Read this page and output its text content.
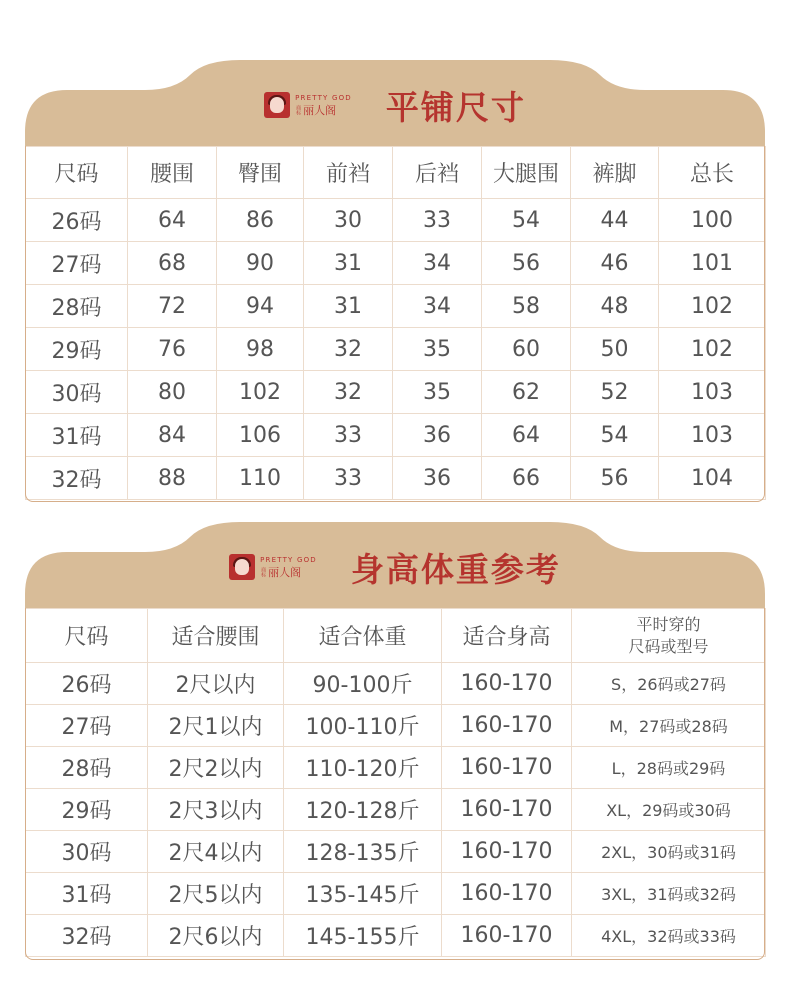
PRETTY GOD
商标 丽人阁 平铺尺寸
尺码	腰围	臀围	前裆	后裆	大腿围	裤脚	总长
26码	64	86	30	33	54	44	100
27码	68	90	31	34	56	46	101
28码	72	94	31	34	58	48	102
29码	76	98	32	35	60	50	102
30码	80	102	32	35	62	52	103
31码	84	106	33	36	64	54	103
32码	88	110	33	36	66	56	104
PRETTY GOD
商标 丽人阁 身高体重参考
尺码	适合腰围	适合体重	适合身高	平时穿的
尺码或型号

26码	2尺以内	90-100斤	160-170	S，26码或27码
27码	2尺1以内	100-110斤	160-170	M，27码或28码
28码	2尺2以内	110-120斤	160-170	L，28码或29码
29码	2尺3以内	120-128斤	160-170	XL，29码或30码
30码	2尺4以内	128-135斤	160-170	2XL，30码或31码
31码	2尺5以内	135-145斤	160-170	3XL，31码或32码
32码	2尺6以内	145-155斤	160-170	4XL，32码或33码
